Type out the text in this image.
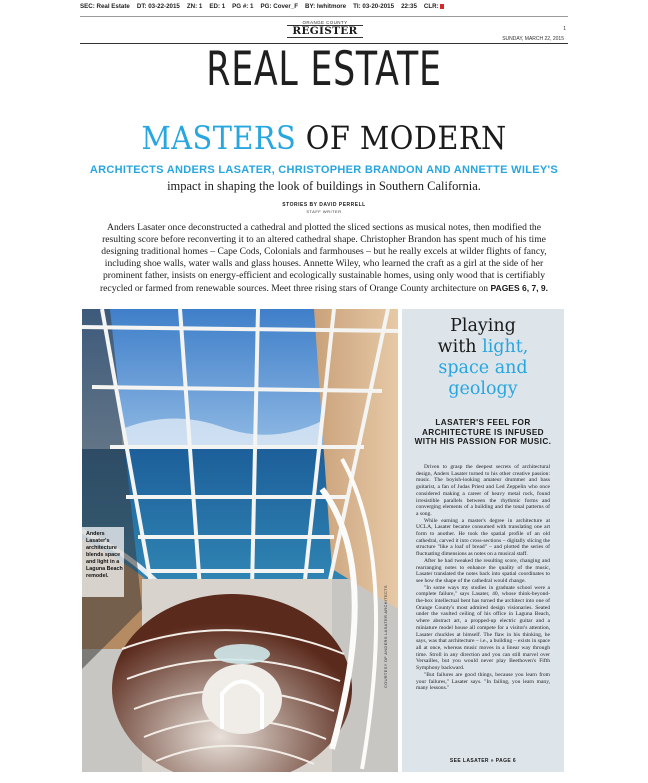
SEC: Real Estate DT: 03-22-2015 ZN: 1 ED: 1 PG #: 1 PG: Cover_F BY: lwhitmore TI: 03-20-2015 22:35 CLR:
ORANGE COUNTY
REGISTER	1
SUNDAY, MARCH 22, 2015
REAL ESTATE
MASTERS OF MODERN
ARCHITECTS ANDERS LASATER, CHRISTOPHER BRANDON AND ANNETTE WILEY'S
impact in shaping the look of buildings in Southern California.
STORIES BY DAVID PERRELL
STAFF WRITER
Anders Lasater once deconstructed a cathedral and plotted the sliced sections as musical notes, then modified the resulting score before reconverting it to an altered cathedral shape. Christopher Brandon has spent much of his time designing traditional homes – Cape Cods, Colonials and farmhouses – but he really excels at wilder flights of fancy, including shoe walls, water walls and glass houses. Annette Wiley, who learned the craft as a girl at the side of her prominent father, insists on energy-efficient and ecologically sustainable homes, using only wood that is certifiably recycled or farmed from renewable sources. Meet three rising stars of Orange County architecture on PAGES 6, 7, 9.
Anders Lasater's architecture blends space and light in a Laguna Beach remodel.
COURTESY OF ANDERS LASATER ARCHITECTS
Playing
with light,
space and
geology
LASATER'S FEEL FOR ARCHITECTURE IS INFUSED WITH HIS PASSION FOR MUSIC.

Driven to grasp the deepest secrets of architectural design, Anders Lasater turned to his other creative passion: music. The boyish-looking amateur drummer and bass guitarist, a fan of Judas Priest and Led Zeppelin who once considered making a career of heavy metal rock, found irresistible parallels between the rhythmic forms and converging elements of a building and the tonal patterns of a song.

While earning a master's degree in architecture at UCLA, Lasater became consumed with translating one art form to another. He took the spatial profile of an old cathedral, carved it into cross-sections – digitally slicing the structure "like a loaf of bread" – and plotted the series of fluctuating dimensions as notes on a musical staff.

After he had tweaked the resulting score, changing and rearranging notes to enhance the quality of the music, Lasater translated the notes back into spatial coordinates to see how the shape of the cathedral would change.

"In some ways my studies in graduate school were a complete failure," says Lasater, 40, whose think-beyond-the-box intellectual bent has turned the architect into one of Orange County's most admired design visionaries. Seated under the vaulted ceiling of his office in Laguna Beach, where abstract art, a propped-up electric guitar and a miniature model house all compete for a visitor's attention, Lasater chuckles at himself. The flaw in his thinking, he says, was that architecture – i.e., a building – exists in space all at once, whereas music moves in a linear way through time. Stroll in any direction and you can still marvel over Versailles, but you would never play Beethoven's Fifth Symphony backward.

"But failures are good things, because you learn from your failures," Lasater says. "In failing, you learn many, many lessons."

SEE LASATER » PAGE 6
